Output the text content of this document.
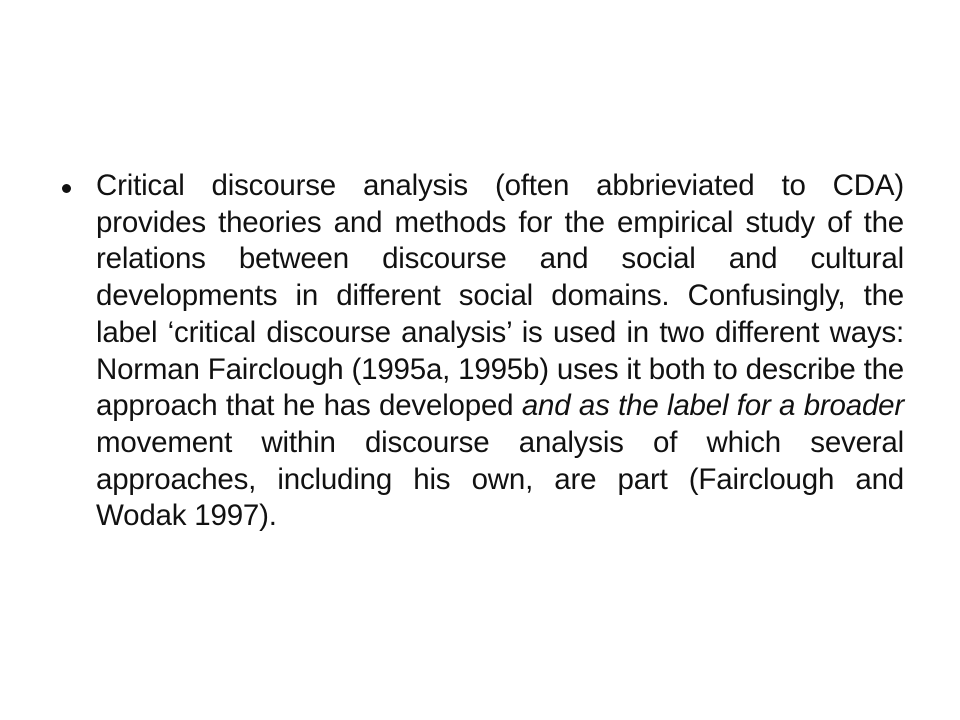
Critical discourse analysis (often abbrieviated to CDA) provides theories and methods for the empirical study of the relations between discourse and social and cultural developments in different social domains. Confusingly, the label ‘critical discourse analysis’ is used in two different ways: Norman Fairclough (1995a, 1995b) uses it both to describe the approach that he has developed and as the label for a broader movement within discourse analysis of which several approaches, including his own, are part (Fairclough and Wodak 1997).
